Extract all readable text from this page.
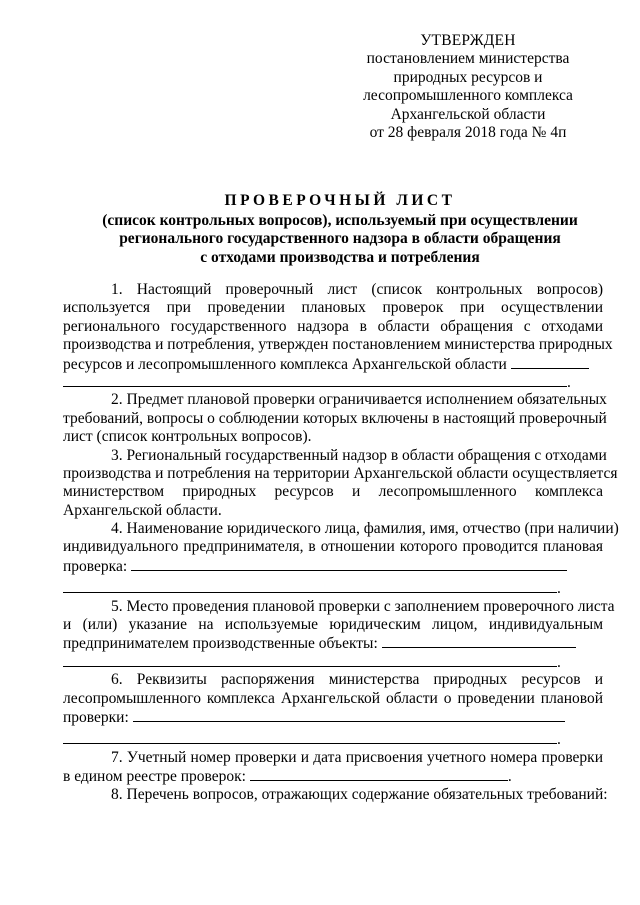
УТВЕРЖДЕН
постановлением министерства
природных ресурсов и
лесопромышленного комплекса
Архангельской области
от 28 февраля 2018 года № 4п
ПРОВЕРОЧНЫЙ ЛИСТ
(список контрольных вопросов), используемый при осуществлении
регионального государственного надзора в области обращения
с отходами производства и потребления
1. Настоящий проверочный лист (список контрольных вопросов)
используется при проведении плановых проверок при осуществлении
регионального государственного надзора в области обращения с отходами
производства и потребления, утвержден постановлением министерства природных
ресурсов и лесопромышленного комплекса Архангельской области
.
2. Предмет плановой проверки ограничивается исполнением обязательных
требований, вопросы о соблюдении которых включены в настоящий проверочный
лист (список контрольных вопросов).
3. Региональный государственный надзор в области обращения с отходами
производства и потребления на территории Архангельской области осуществляется
министерством природных ресурсов и лесопромышленного комплекса
Архангельской области.
4. Наименование юридического лица, фамилия, имя, отчество (при наличии)
индивидуального предпринимателя, в отношении которого проводится плановая
проверка:
.
5. Место проведения плановой проверки с заполнением проверочного листа
и (или) указание на используемые юридическим лицом, индивидуальным
предпринимателем производственные объекты:
.
6. Реквизиты распоряжения министерства природных ресурсов и
лесопромышленного комплекса Архангельской области о проведении плановой
проверки:
.
7. Учетный номер проверки и дата присвоения учетного номера проверки
в едином реестре проверок:	.
8. Перечень вопросов, отражающих содержание обязательных требований:
